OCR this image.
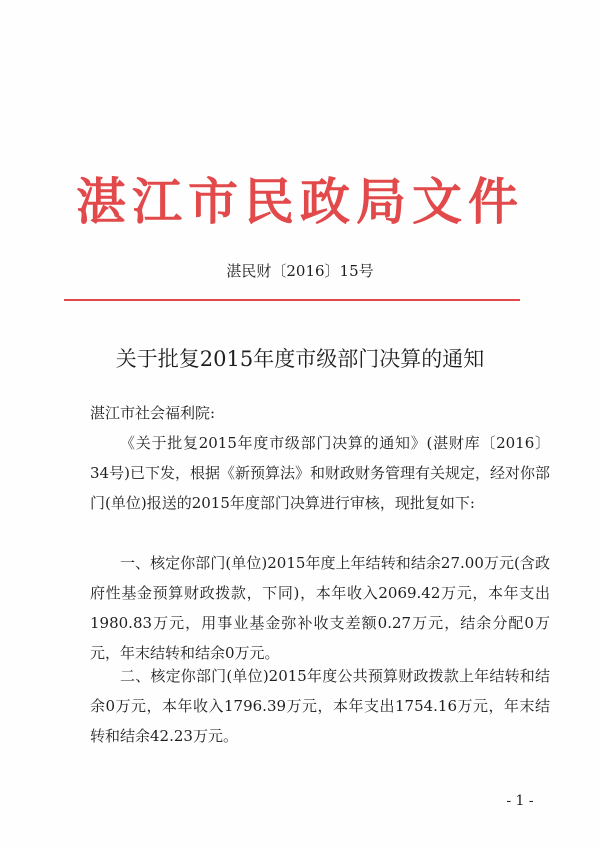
湛江市民政局文件
湛民财〔2016〕15号
关于批复2015年度市级部门决算的通知

湛江市社会福利院:

《关于批复2015年度市级部门决算的通知》(湛财库〔2016〕34号)已下发，根据《新预算法》和财政财务管理有关规定，经对你部门(单位)报送的2015年度部门决算进行审核，现批复如下:

一、核定你部门(单位)2015年度上年结转和结余27.00万元(含政府性基金预算财政拨款，下同)，本年收入2069.42万元，本年支出1980.83万元，用事业基金弥补收支差额0.27万元，结余分配0万元，年末结转和结余0万元。

二、核定你部门(单位)2015年度公共预算财政拨款上年结转和结余0万元，本年收入1796.39万元，本年支出1754.16万元，年末结转和结余42.23万元。

- 1 -
